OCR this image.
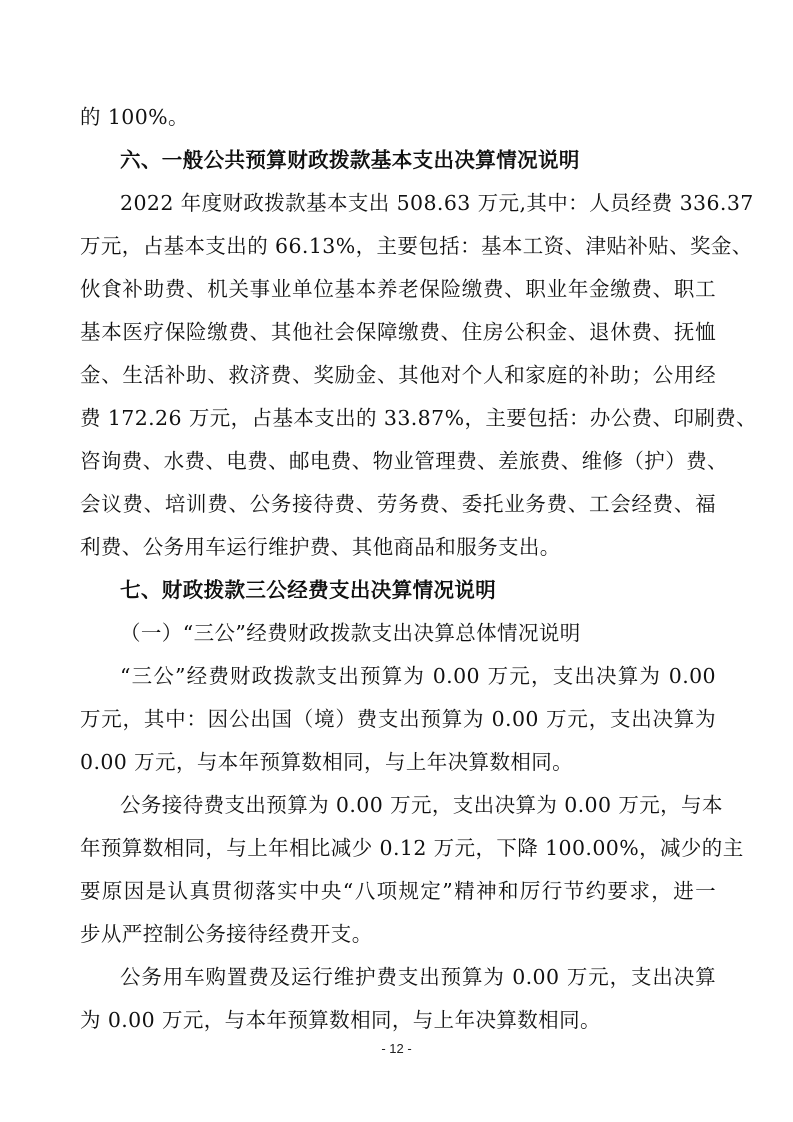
的 100%。
六、一般公共预算财政拨款基本支出决算情况说明
2022 年度财政拨款基本支出 508.63 万元,其中：人员经费 336.37
万元，占基本支出的 66.13%，主要包括：基本工资、津贴补贴、奖金、
伙食补助费、机关事业单位基本养老保险缴费、职业年金缴费、职工
基本医疗保险缴费、其他社会保障缴费、住房公积金、退休费、抚恤
金、生活补助、救济费、奖励金、其他对个人和家庭的补助；公用经
费 172.26 万元，占基本支出的 33.87%，主要包括：办公费、印刷费、
咨询费、水费、电费、邮电费、物业管理费、差旅费、维修（护）费、
会议费、培训费、公务接待费、劳务费、委托业务费、工会经费、福
利费、公务用车运行维护费、其他商品和服务支出。
七、财政拨款三公经费支出决算情况说明
（一）“三公”经费财政拨款支出决算总体情况说明
“三公”经费财政拨款支出预算为 0.00 万元，支出决算为 0.00
万元，其中：因公出国（境）费支出预算为 0.00 万元，支出决算为
0.00 万元，与本年预算数相同，与上年决算数相同。
公务接待费支出预算为 0.00 万元，支出决算为 0.00 万元，与本
年预算数相同，与上年相比减少 0.12 万元，下降 100.00%，减少的主
要原因是认真贯彻落实中央“八项规定”精神和厉行节约要求，进一
步从严控制公务接待经费开支。
公务用车购置费及运行维护费支出预算为 0.00 万元，支出决算
为 0.00 万元，与本年预算数相同，与上年决算数相同。
- 12 -
